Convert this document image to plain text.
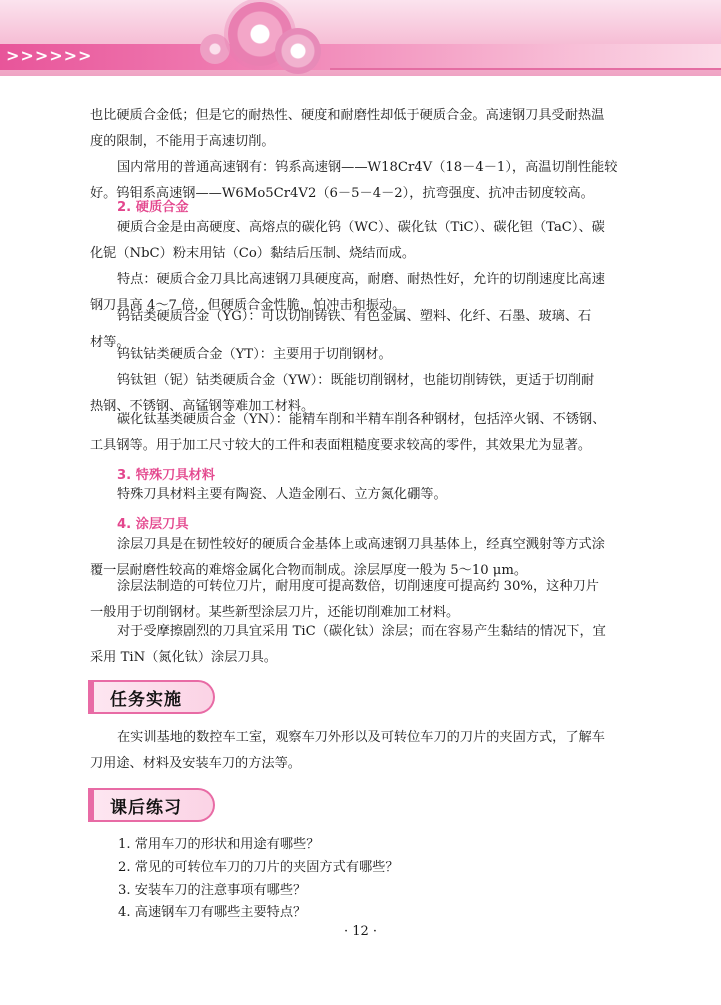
>>>>>>
也比硬质合金低；但是它的耐热性、硬度和耐磨性却低于硬质合金。高速钢刀具受耐热温
度的限制，不能用于高速切削。
国内常用的普通高速钢有：钨系高速钢——W18Cr4V（18－4－1），高温切削性能较
好。钨钼系高速钢——W6Mo5Cr4V2（6－5－4－2），抗弯强度、抗冲击韧度较高。
2. 硬质合金
硬质合金是由高硬度、高熔点的碳化钨（WC）、碳化钛（TiC）、碳化钽（TaC）、碳
化铌（NbC）粉末用钴（Co）黏结后压制、烧结而成。
特点：硬质合金刀具比高速钢刀具硬度高，耐磨、耐热性好，允许的切削速度比高速
钢刀具高 4～7 倍，但硬质合金性脆，怕冲击和振动。
钨钴类硬质合金（YG）：可以切削铸铁、有色金属、塑料、化纤、石墨、玻璃、石
材等。
钨钛钴类硬质合金（YT）：主要用于切削钢材。
钨钛钽（铌）钴类硬质合金（YW）：既能切削钢材，也能切削铸铁，更适于切削耐
热钢、不锈钢、高锰钢等难加工材料。
碳化钛基类硬质合金（YN）：能精车削和半精车削各种钢材，包括淬火钢、不锈钢、
工具钢等。用于加工尺寸较大的工件和表面粗糙度要求较高的零件，其效果尤为显著。
3. 特殊刀具材料
特殊刀具材料主要有陶瓷、人造金刚石、立方氮化硼等。
4. 涂层刀具
涂层刀具是在韧性较好的硬质合金基体上或高速钢刀具基体上，经真空溅射等方式涂
覆一层耐磨性较高的难熔金属化合物而制成。涂层厚度一般为 5～10 μm。
涂层法制造的可转位刀片，耐用度可提高数倍，切削速度可提高约 30%，这种刀片
一般用于切削钢材。某些新型涂层刀片，还能切削难加工材料。
对于受摩擦剧烈的刀具宜采用 TiC（碳化钛）涂层；而在容易产生黏结的情况下，宜
采用 TiN（氮化钛）涂层刀具。
任务实施
在实训基地的数控车工室，观察车刀外形以及可转位车刀的刀片的夹固方式，了解车
刀用途、材料及安装车刀的方法等。
课后练习
1. 常用车刀的形状和用途有哪些？
2. 常见的可转位车刀的刀片的夹固方式有哪些？
3. 安装车刀的注意事项有哪些？
4. 高速钢车刀有哪些主要特点？
· 12 ·
